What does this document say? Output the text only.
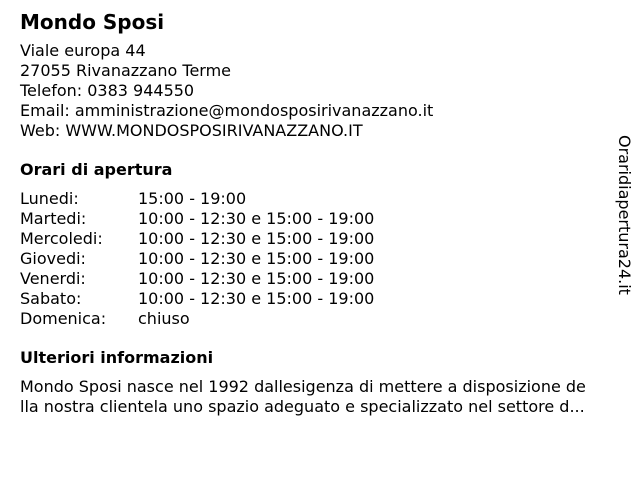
Mondo Sposi
Viale europa 44
27055 Rivanazzano Terme
Telefon: 0383 944550
Email: amministrazione@mondosposirivanazzano.it
Web: WWW.MONDOSPOSIRIVANAZZANO.IT
Orari di apertura
Lunedi:	15:00 - 19:00
Martedi:	10:00 - 12:30 e 15:00 - 19:00
Mercoledi:	10:00 - 12:30 e 15:00 - 19:00
Giovedi:	10:00 - 12:30 e 15:00 - 19:00
Venerdi:	10:00 - 12:30 e 15:00 - 19:00
Sabato:	10:00 - 12:30 e 15:00 - 19:00
Domenica:	chiuso
Ulteriori informazioni
Mondo Sposi nasce nel 1992 dallesigenza di mettere a disposizione de
lla nostra clientela uno spazio adeguato e specializzato nel settore d...
Oraridiapertura24.it
